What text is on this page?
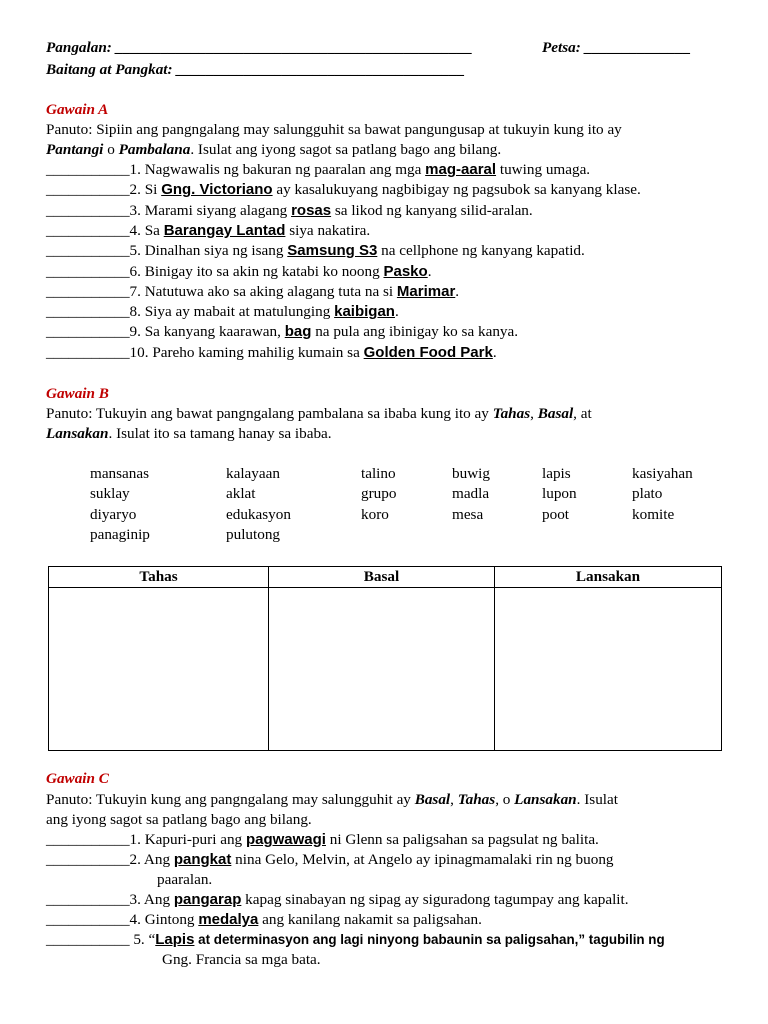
Pangalan: _______________________________________________	Petsa: ______________
Baitang at Pangkat: ______________________________________
Gawain A
Panuto: Sipiin ang pangngalang may salungguhit sa bawat pangungusap at tukuyin kung ito ay
Pantangi o Pambalana. Isulat ang iyong sagot sa patlang bago ang bilang.
___________1. Nagwawalis ng bakuran ng paaralan ang mga mag-aaral tuwing umaga.
___________2. Si Gng. Victoriano ay kasalukuyang nagbibigay ng pagsubok sa kanyang klase.
___________3. Marami siyang alagang rosas sa likod ng kanyang silid-aralan.
___________4. Sa Barangay Lantad siya nakatira.
___________5. Dinalhan siya ng isang Samsung S3 na cellphone ng kanyang kapatid.
___________6. Binigay ito sa akin ng katabi ko noong Pasko.
___________7. Natutuwa ako sa aking alagang tuta na si Marimar.
___________8. Siya ay mabait at matulunging kaibigan.
___________9. Sa kanyang kaarawan, bag na pula ang ibinigay ko sa kanya.
___________10. Pareho kaming mahilig kumain sa Golden Food Park.
Gawain B
Panuto: Tukuyin ang bawat pangngalang pambalana sa ibaba kung ito ay Tahas, Basal, at
Lansakan. Isulat ito sa tamang hanay sa ibaba.
mansanas	kalayaan	talino	buwig	lapis	kasiyahan
suklay	aklat	grupo	madla	lupon	plato
diyaryo	edukasyon	koro	mesa	poot	komite
panaginip	pulutong
Tahas	Basal	Lansakan

Gawain C
Panuto: Tukuyin kung ang pangngalang may salungguhit ay Basal, Tahas, o Lansakan. Isulat
ang iyong sagot sa patlang bago ang bilang.
___________1. Kapuri-puri ang pagwawagi ni Glenn sa paligsahan sa pagsulat ng balita.
___________2. Ang pangkat nina Gelo, Melvin, at Angelo ay ipinagmamalaki rin ng buong
paaralan.
___________3. Ang pangarap kapag sinabayan ng sipag ay siguradong tagumpay ang kapalit.
___________4. Gintong medalya ang kanilang nakamit sa paligsahan.
___________ 5. “Lapis at determinasyon ang lagi ninyong babaunin sa paligsahan,” tagubilin ng
Gng. Francia sa mga bata.
